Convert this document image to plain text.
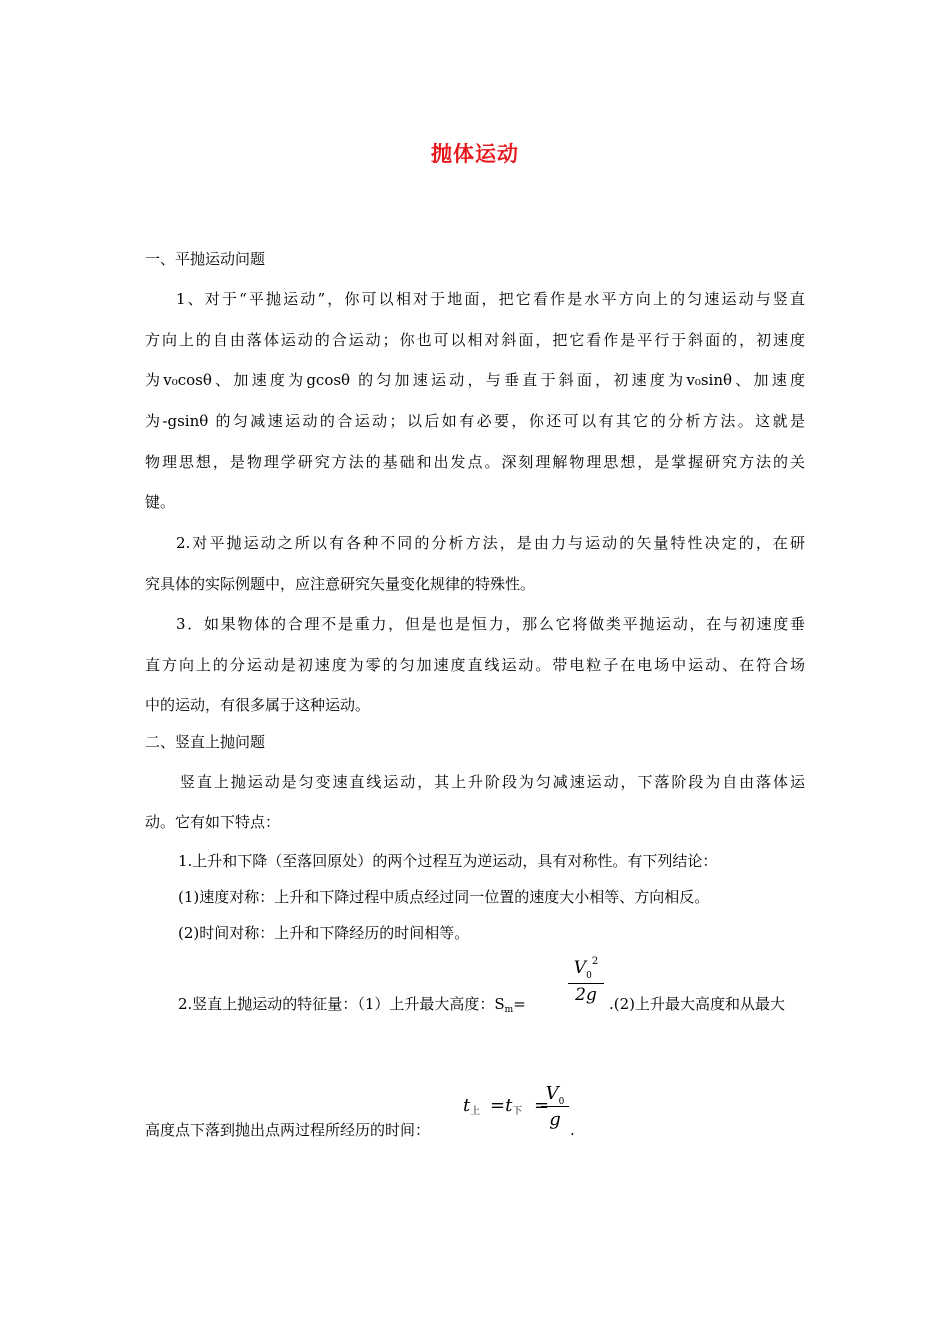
抛体运动
一、平抛运动问题
1、对于“平抛运动”，你可以相对于地面，把它看作是水平方向上的匀速运动与竖直
方向上的自由落体运动的合运动；你也可以相对斜面，把它看作是平行于斜面的，初速度
为v₀cosθ、加速度为gcosθ 的匀加速运动，与垂直于斜面，初速度为v₀sinθ、加速度
为-gsinθ 的匀减速运动的合运动；以后如有必要，你还可以有其它的分析方法。这就是
物理思想，是物理学研究方法的基础和出发点。深刻理解物理思想，是掌握研究方法的关
键。
2.对平抛运动之所以有各种不同的分析方法，是由力与运动的矢量特性决定的，在研
究具体的实际例题中，应注意研究矢量变化规律的特殊性。
3．如果物体的合理不是重力，但是也是恒力，那么它将做类平抛运动，在与初速度垂
直方向上的分运动是初速度为零的匀加速度直线运动。带电粒子在电场中运动、在符合场
中的运动，有很多属于这种运动。
二、竖直上抛问题
竖直上抛运动是匀变速直线运动，其上升阶段为匀减速运动，下落阶段为自由落体运
动。它有如下特点：
1.上升和下降（至落回原处）的两个过程互为逆运动，具有对称性。有下列结论：
(1)速度对称：上升和下降过程中质点经过同一位置的速度大小相等、方向相反。
(2)时间对称：上升和下降经历的时间相等。
2.竖直上抛运动的特征量：（1）上升最大高度：$S_m=$
$V_0^2$
2g .(2)上升最大高度和从最大
高度点下落到抛出点两过程所经历的时间：
t上 =t下 =
$V_0$
g .
